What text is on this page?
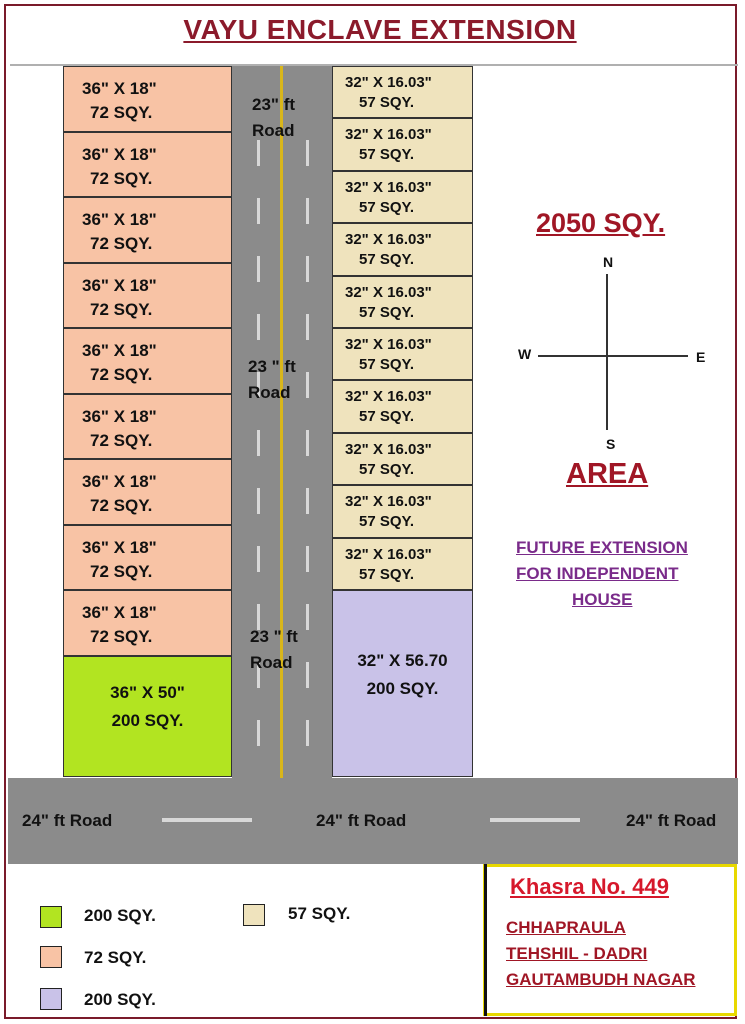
VAYU ENCLAVE EXTENSION
23" ft
Road
23 " ft
Road
23 " ft
Road
24" ft Road	24" ft Road	24" ft Road
36" X 18"
72 SQY.
36" X 18"
72 SQY.
36" X 18"
72 SQY.
36" X 18"
72 SQY.
36" X 18"
72 SQY.
36" X 18"
72 SQY.
36" X 18"
72 SQY.
36" X 18"
72 SQY.
36" X 18"
72 SQY.
36" X 50"
200 SQY.
32" X 16.03"
57 SQY.
32" X 16.03"
57 SQY.
32" X 16.03"
57 SQY.
32" X 16.03"
57 SQY.
32" X 16.03"
57 SQY.
32" X 16.03"
57 SQY.
32" X 16.03"
57 SQY.
32" X 16.03"
57 SQY.
32" X 16.03"
57 SQY.
32" X 16.03"
57 SQY.
32" X 56.70
200 SQY.
2050 SQY.
N
S
W	E
AREA
FUTURE EXTENSION
FOR INDEPENDENT
HOUSE
200 SQY.
72 SQY.
200 SQY.
57 SQY.
Khasra No. 449
CHHAPRAULA
TEHSHIL - DADRI
GAUTAMBUDH NAGAR
